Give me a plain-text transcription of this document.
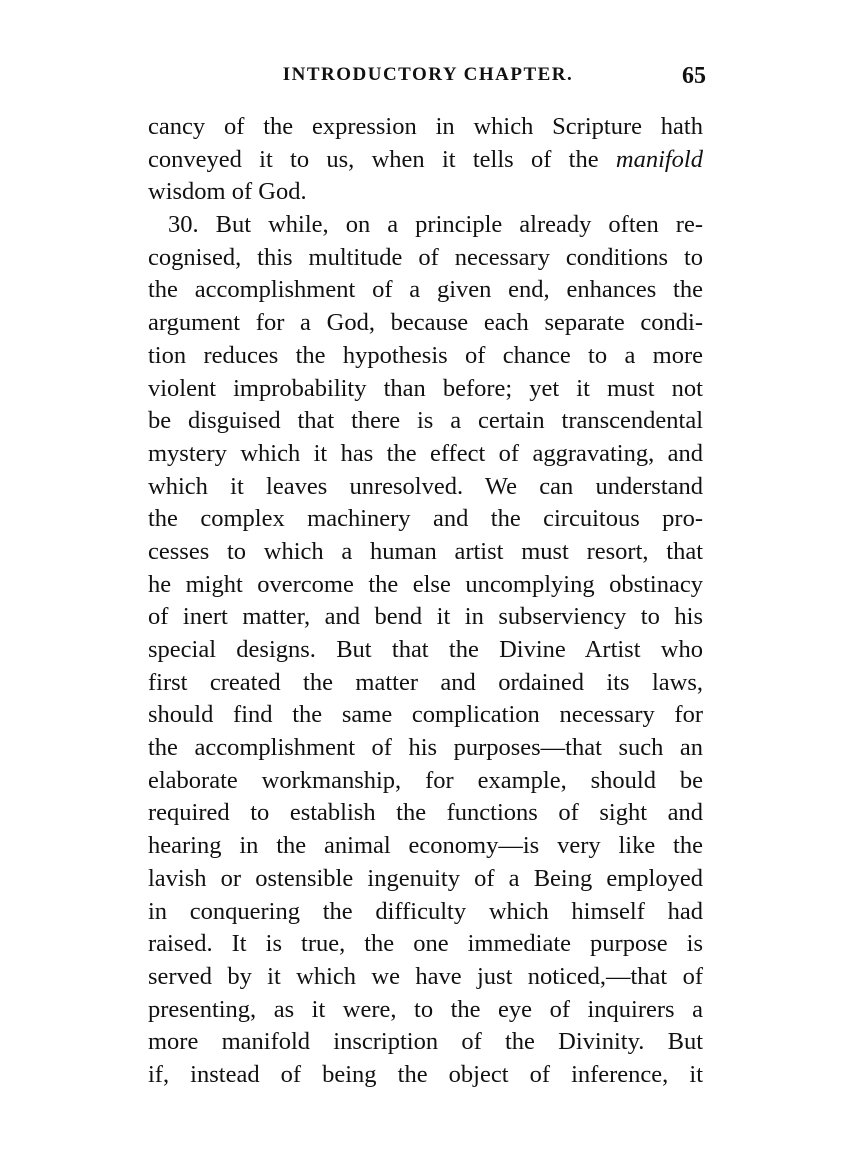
INTRODUCTORY CHAPTER.	65
cancy of the expression in which Scripture hath
conveyed it to us, when it tells of the manifold
wisdom of God.
30. But while, on a principle already often re-
cognised, this multitude of necessary conditions to
the accomplishment of a given end, enhances the
argument for a God, because each separate condi-
tion reduces the hypothesis of chance to a more
violent improbability than before; yet it must not
be disguised that there is a certain transcendental
mystery which it has the effect of aggravating, and
which it leaves unresolved. We can understand
the complex machinery and the circuitous pro-
cesses to which a human artist must resort, that
he might overcome the else uncomplying obstinacy
of inert matter, and bend it in subserviency to his
special designs. But that the Divine Artist who
first created the matter and ordained its laws,
should find the same complication necessary for
the accomplishment of his purposes—that such an
elaborate workmanship, for example, should be
required to establish the functions of sight and
hearing in the animal economy—is very like the
lavish or ostensible ingenuity of a Being employed
in conquering the difficulty which himself had
raised. It is true, the one immediate purpose is
served by it which we have just noticed,—that of
presenting, as it were, to the eye of inquirers a
more manifold inscription of the Divinity. But
if, instead of being the object of inference, it
